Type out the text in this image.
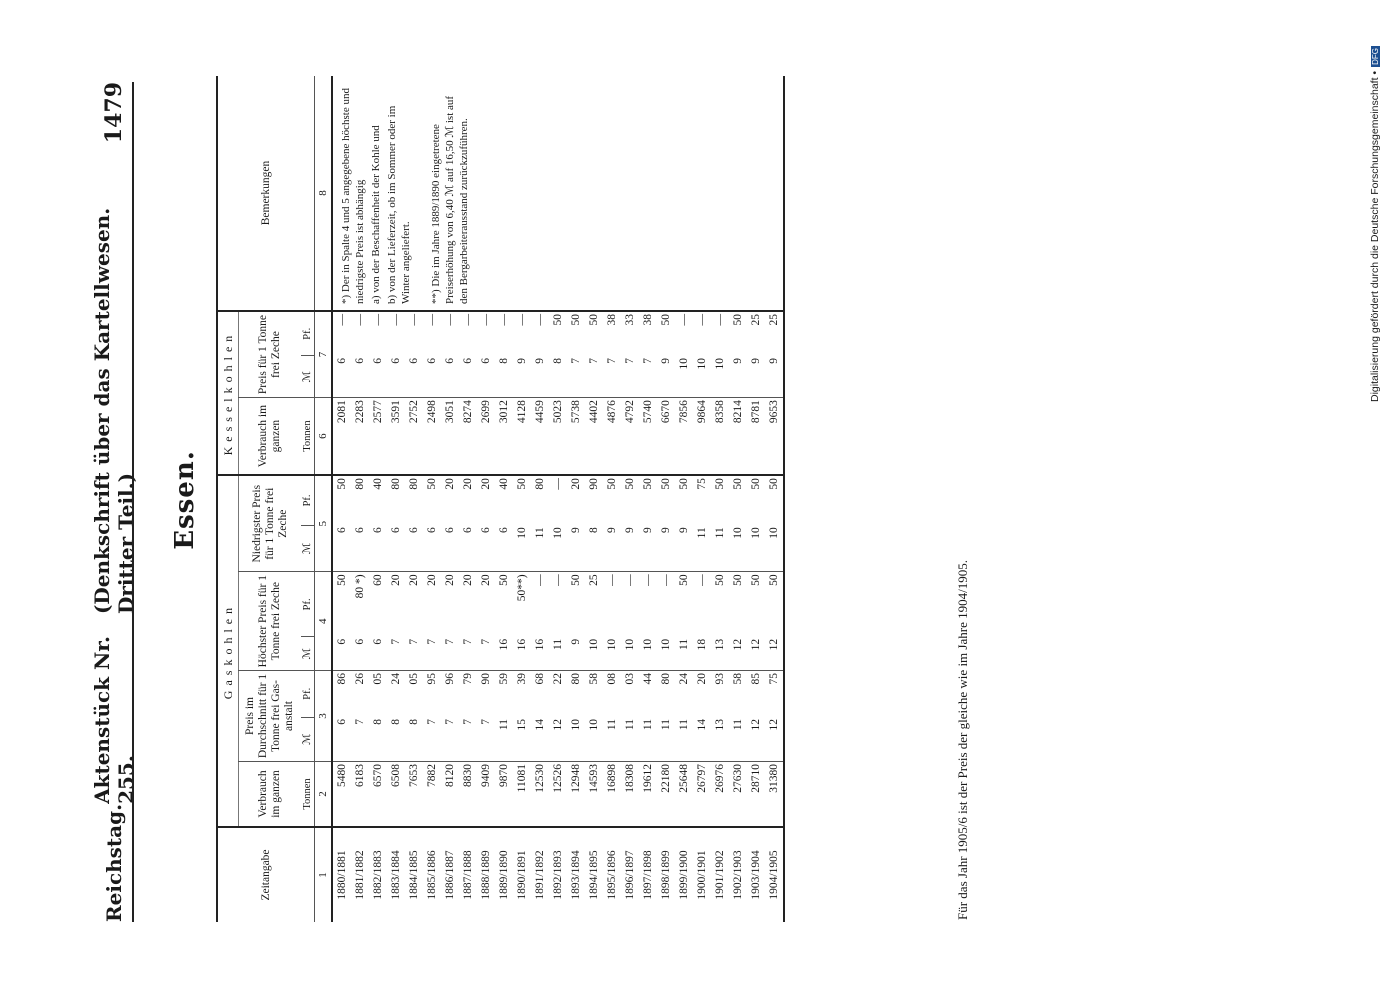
Reichstag.
Aktenstück Nr. 255.
(Denkschrift über das Kartellwesen. Dritter Teil.)
1479
Essen.
Zeitangabe	Gaskohlen							Kesselkohlen			Bemerkungen
	Verbrauch im ganzen	Preis im Durchschnitt für 1 Tonne frei Gas-anstalt		Höchster Preis für 1 Tonne frei Zeche		Niedrigster Preis für 1 Tonne frei Zeche		Verbrauch im ganzen	Preis für 1 Tonne frei Zeche		
	Tonnen	ℳ	Pf.	ℳ	Pf.	ℳ	Pf.	Tonnen	ℳ	Pf.	
1	2	3		4		5		6	7		8
1880/1881	5480	6	86	6	50	6	50	2081	6	—	*) Der in Spalte 4 und 5 angegebene höchste und niedrigste Preis ist abhängig a) von der Beschaffenheit der Kohle und b) von der Lieferzeit, ob im Sommer oder im Winter angeliefert. **) Die im Jahre 1889/1890 eingetretene Preiserhöhung von 6,40 ℳ auf 16,50 ℳ ist auf den Bergarbeiterausstand zurückzuführen.

1881/1882	6183	7	26	6	80 *)	6	80	2283	6	—	
1882/1883	6570	8	05	6	60	6	40	2577	6	—	
1883/1884	6508	8	24	7	20	6	80	3591	6	—	
1884/1885	7653	8	05	7	20	6	80	2752	6	—	
1885/1886	7882	7	95	7	20	6	50	2498	6	—	
1886/1887	8120	7	96	7	20	6	20	3051	6	—	
1887/1888	8830	7	79	7	20	6	20	8274	6	—	
1888/1889	9409	7	90	7	20	6	20	2699	6	—	
1889/1890	9870	11	59	16	50	6	40	3012	8	—	
1890/1891	11081	15	39	16	50**)	10	50	4128	9	—	
1891/1892	12530	14	68	16	—	11	80	4459	9	—	
1892/1893	12526	12	22	11	—	10	—	5023	8	50	
1893/1894	12948	10	80	9	50	9	20	5738	7	50	
1894/1895	14593	10	58	10	25	8	90	4402	7	50	
1895/1896	16898	11	08	10	—	9	50	4876	7	38	
1896/1897	18308	11	03	10	—	9	50	4792	7	33	
1897/1898	19612	11	44	10	—	9	50	5740	7	38	
1898/1899	22180	11	80	10	—	9	50	6670	9	50	
1899/1900	25648	11	24	11	50	9	50	7856	10	—	
1900/1901	26797	14	20	18	—	11	75	9864	10	—	
1901/1902	26976	13	93	13	50	11	50	8358	10	—	
1902/1903	27630	11	58	12	50	10	50	8214	9	50	
1903/1904	28710	12	85	12	50	10	50	8781	9	25	
1904/1905	31380	12	75	12	50	10	50	9653	9	25	
Für das Jahr 1905/6 ist der Preis der gleiche wie im Jahre 1904/1905.
Digitalisierung gefördert durch die Deutsche Forschungsgemeinschaft •DFG
